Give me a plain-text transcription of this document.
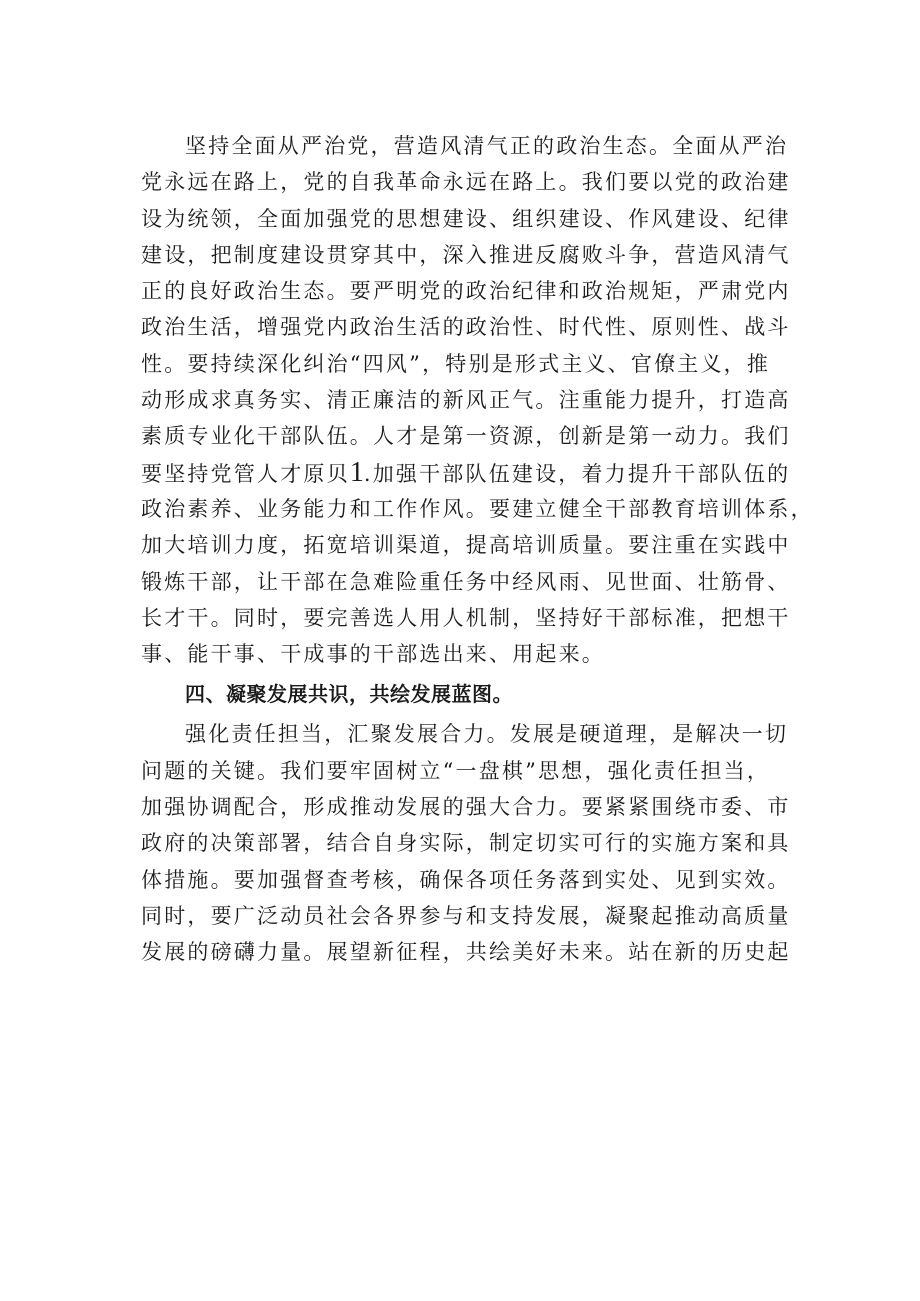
坚持全面从严治党，营造风清气正的政治生态。全面从严治
党永远在路上，党的自我革命永远在路上。我们要以党的政治建
设为统领，全面加强党的思想建设、组织建设、作风建设、纪律
建设，把制度建设贯穿其中，深入推进反腐败斗争，营造风清气
正的良好政治生态。要严明党的政治纪律和政治规矩，严肃党内
政治生活，增强党内政治生活的政治性、时代性、原则性、战斗
性。要持续深化纠治“四风”，特别是形式主义、官僚主义，推
动形成求真务实、清正廉洁的新风正气。注重能力提升，打造高
素质专业化干部队伍。人才是第一资源，创新是第一动力。我们
要坚持党管人才原贝1.加强干部队伍建设，着力提升干部队伍的
政治素养、业务能力和工作作风。要建立健全干部教育培训体系，
加大培训力度，拓宽培训渠道，提高培训质量。要注重在实践中
锻炼干部，让干部在急难险重任务中经风雨、见世面、壮筋骨、
长才干。同时，要完善选人用人机制，坚持好干部标准，把想干
事、能干事、干成事的干部选出来、用起来。
四、凝聚发展共识，共绘发展蓝图。
强化责任担当，汇聚发展合力。发展是硬道理，是解决一切
问题的关键。我们要牢固树立“一盘棋”思想，强化责任担当，
加强协调配合，形成推动发展的强大合力。要紧紧围绕市委、市
政府的决策部署，结合自身实际，制定切实可行的实施方案和具
体措施。要加强督查考核，确保各项任务落到实处、见到实效。
同时，要广泛动员社会各界参与和支持发展，凝聚起推动高质量
发展的磅礴力量。展望新征程，共绘美好未来。站在新的历史起
